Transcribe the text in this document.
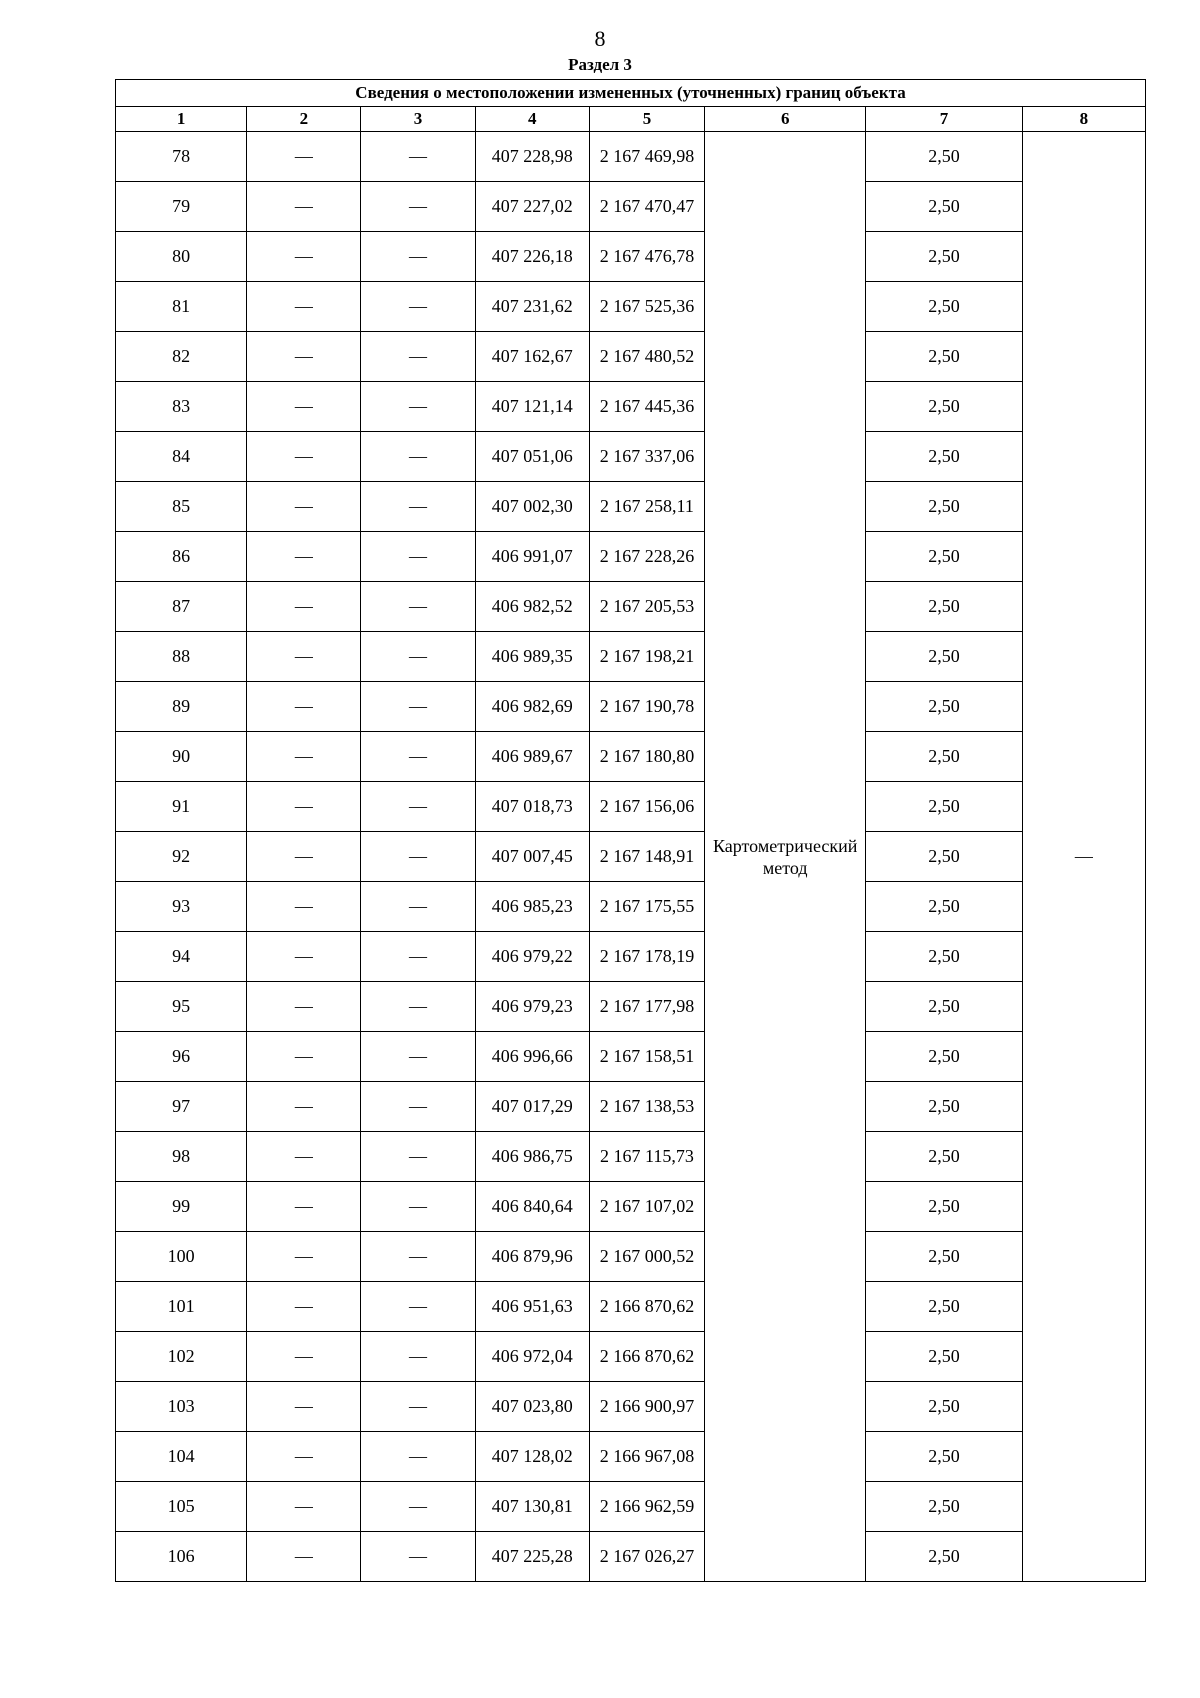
8
Раздел 3
Сведения о местоположении измененных (уточненных) границ объекта							
1	2	3	4	5	6	7	8
78	—	—	407 228,98	2 167 469,98	Картометрический метод	2,50	—
79	—	—	407 227,02	2 167 470,47		2,50	
80	—	—	407 226,18	2 167 476,78		2,50	
81	—	—	407 231,62	2 167 525,36		2,50	
82	—	—	407 162,67	2 167 480,52		2,50	
83	—	—	407 121,14	2 167 445,36		2,50	
84	—	—	407 051,06	2 167 337,06		2,50	
85	—	—	407 002,30	2 167 258,11		2,50	
86	—	—	406 991,07	2 167 228,26		2,50	
87	—	—	406 982,52	2 167 205,53		2,50	
88	—	—	406 989,35	2 167 198,21		2,50	
89	—	—	406 982,69	2 167 190,78		2,50	
90	—	—	406 989,67	2 167 180,80		2,50	
91	—	—	407 018,73	2 167 156,06		2,50	
92	—	—	407 007,45	2 167 148,91		2,50	
93	—	—	406 985,23	2 167 175,55		2,50	
94	—	—	406 979,22	2 167 178,19		2,50	
95	—	—	406 979,23	2 167 177,98		2,50	
96	—	—	406 996,66	2 167 158,51		2,50	
97	—	—	407 017,29	2 167 138,53		2,50	
98	—	—	406 986,75	2 167 115,73		2,50	
99	—	—	406 840,64	2 167 107,02		2,50	
100	—	—	406 879,96	2 167 000,52		2,50	
101	—	—	406 951,63	2 166 870,62		2,50	
102	—	—	406 972,04	2 166 870,62		2,50	
103	—	—	407 023,80	2 166 900,97		2,50	
104	—	—	407 128,02	2 166 967,08		2,50	
105	—	—	407 130,81	2 166 962,59		2,50	
106	—	—	407 225,28	2 167 026,27		2,50	
